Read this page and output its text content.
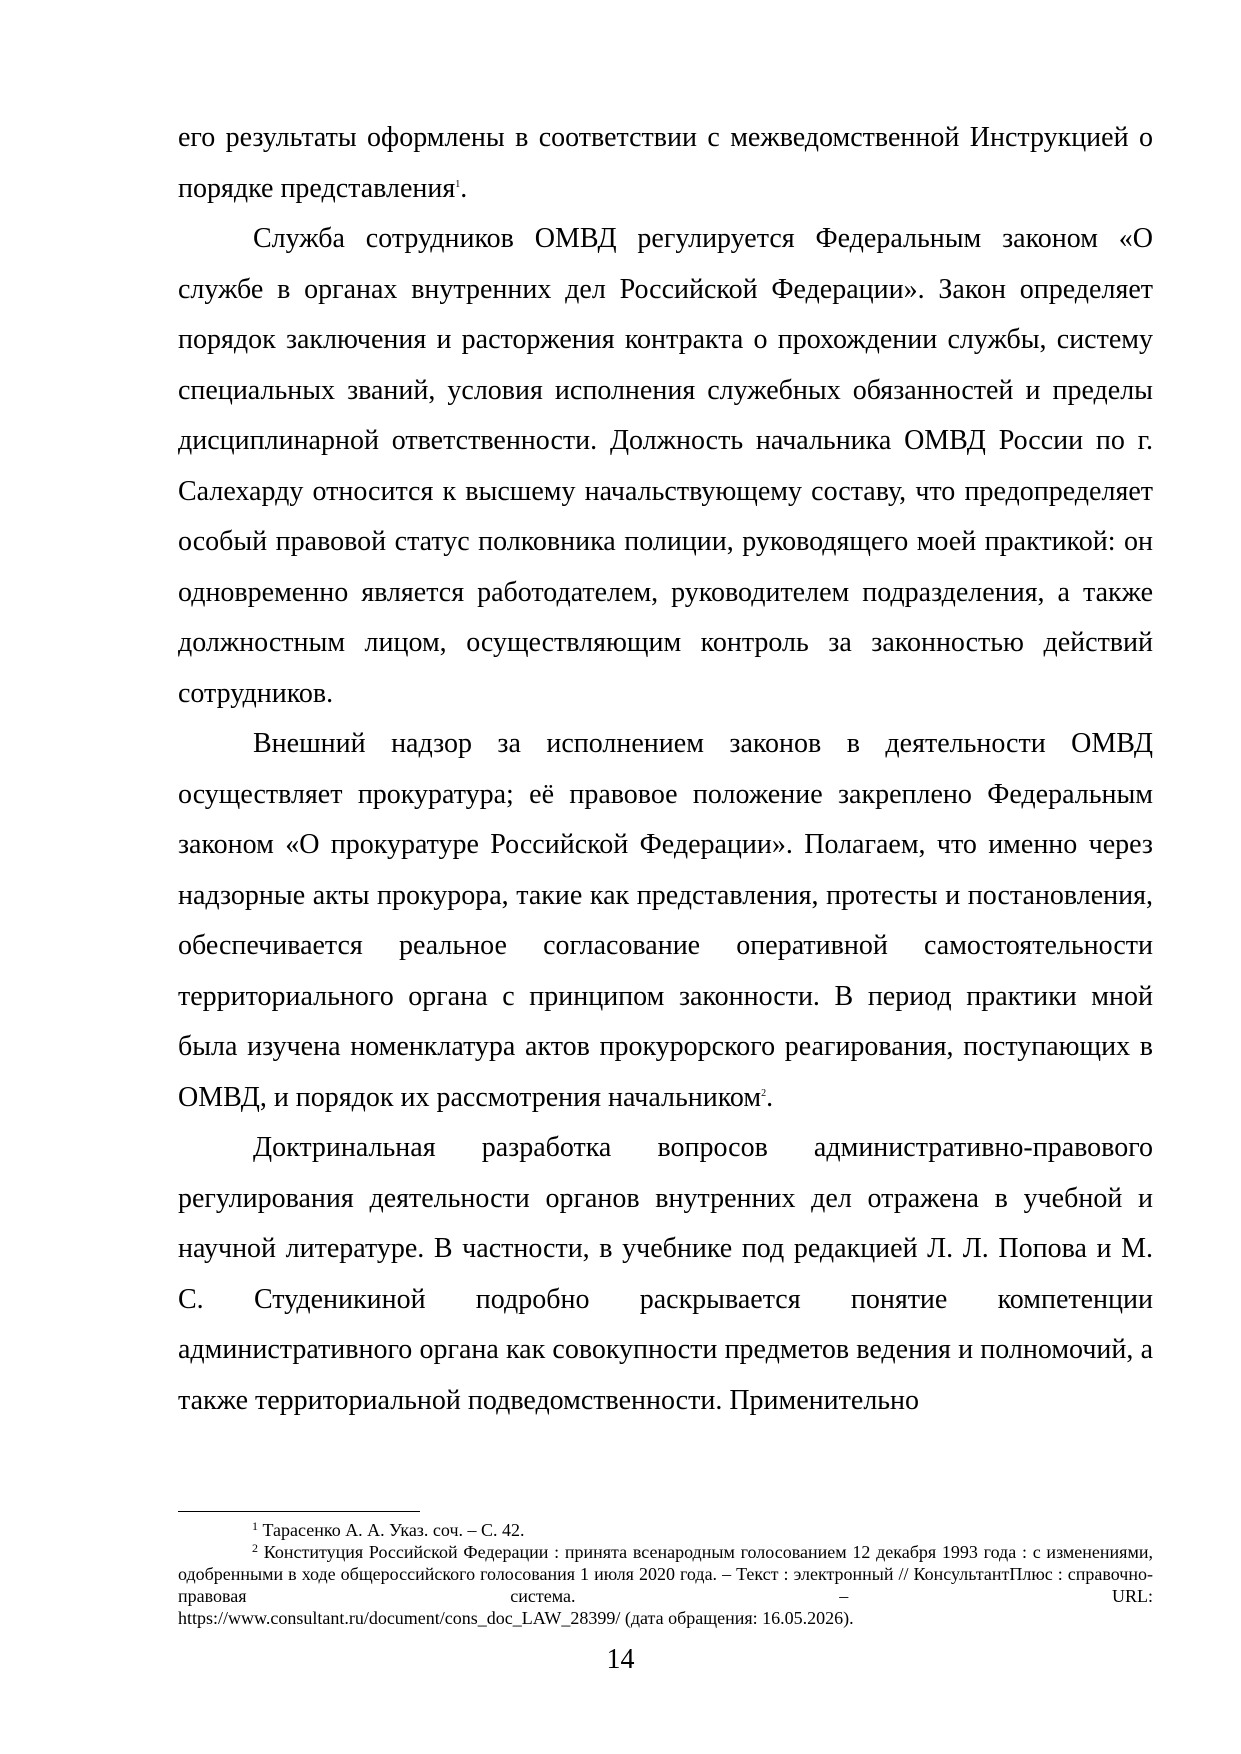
его результаты оформлены в соответствии с межведомственной Инструкцией о порядке представления$^1$.

Служба сотрудников ОМВД регулируется Федеральным законом «О службе в органах внутренних дел Российской Федерации». Закон определяет порядок заключения и расторжения контракта о прохождении службы, систему специальных званий, условия исполнения служебных обязанностей и пределы дисциплинарной ответственности. Должность начальника ОМВД России по г. Салехарду относится к высшему начальствующему составу, что предопределяет особый правовой статус полковника полиции, руководящего моей практикой: он одновременно является работодателем, руководителем подразделения, а также должностным лицом, осуществляющим контроль за законностью действий сотрудников.

Внешний надзор за исполнением законов в деятельности ОМВД осуществляет прокуратура; её правовое положение закреплено Федеральным законом «О прокуратуре Российской Федерации». Полагаем, что именно через надзорные акты прокурора, такие как представления, протесты и постановления, обеспечивается реальное согласование оперативной самостоятельности территориального органа с принципом законности. В период практики мной была изучена номенклатура актов прокурорского реагирования, поступающих в ОМВД, и порядок их рассмотрения начальником$^2$.

Доктринальная разработка вопросов административно-правового регулирования деятельности органов внутренних дел отражена в учебной и научной литературе. В частности, в учебнике под редакцией Л. Л. Попова и М. С. Студеникиной подробно раскрывается понятие компетенции административного органа как совокупности предметов ведения и полномочий, а также территориальной подведомственности. Применительно

$^1$ Тарасенко А. А. Указ. соч. – С. 42.

$^2$ Конституция Российской Федерации : принята всенародным голосованием 12 декабря 1993 года : с изменениями, одобренными в ходе общероссийского голосования 1 июля 2020 года. – Текст : электронный // КонсультантПлюс : справочно-правовая система. – URL:
https://www.consultant.ru/document/cons_doc_LAW_28399/ (дата обращения: 16.05.2026).

14
